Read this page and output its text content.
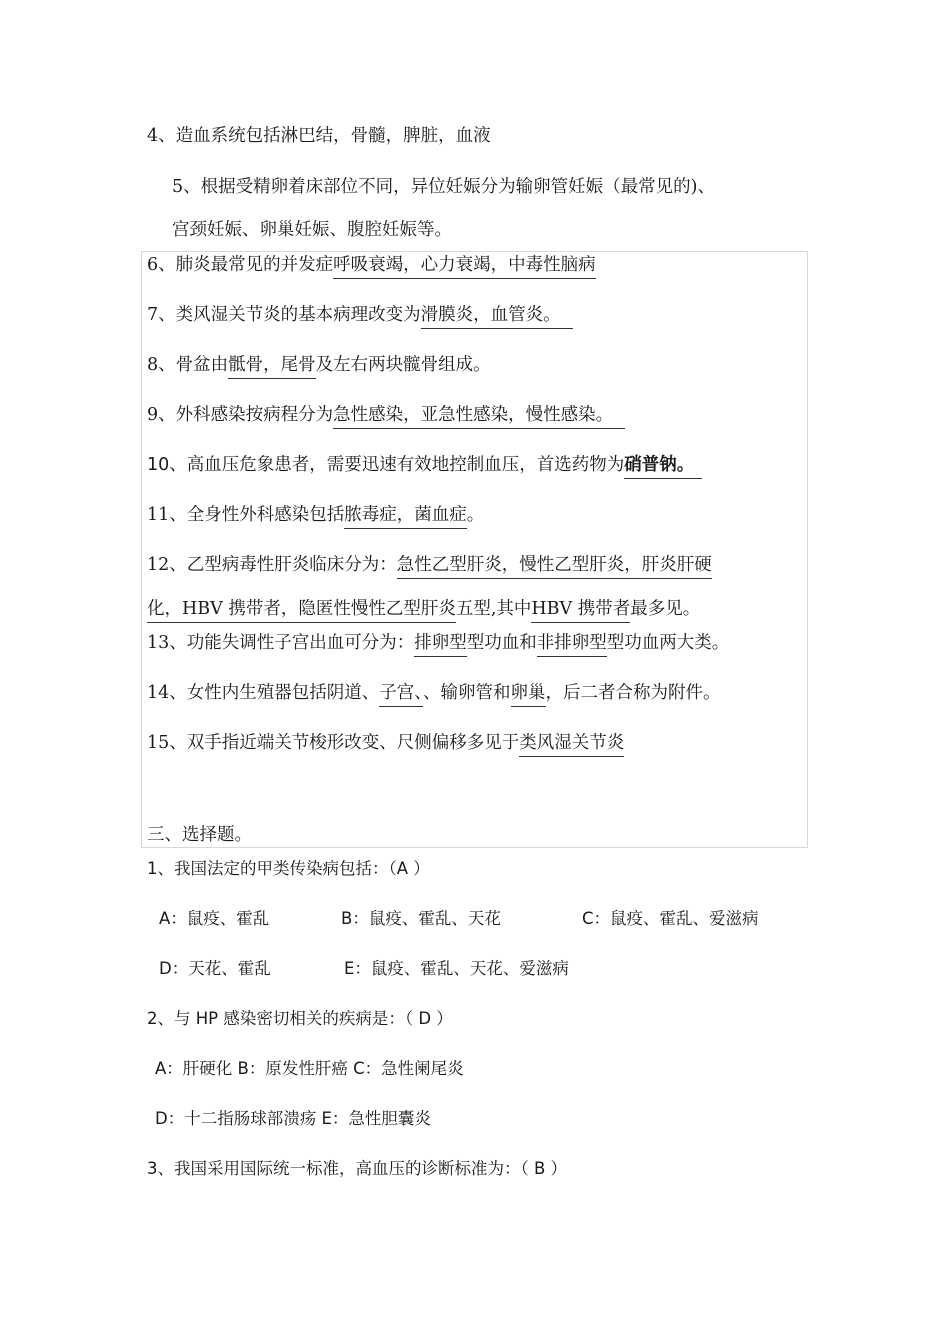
4、造血系统包括淋巴结，骨髓，脾脏，血液
5、根据受精卵着床部位不同，异位妊娠分为输卵管妊娠（最常见的)、
宫颈妊娠、卵巢妊娠、腹腔妊娠等。
6、肺炎最常见的并发症呼吸衰竭，心力衰竭，中毒性脑病
7、类风湿关节炎的基本病理改变为滑膜炎，血管炎。
8、骨盆由骶骨，尾骨及左右两块髋骨组成。
9、外科感染按病程分为急性感染，亚急性感染，慢性感染。
10、高血压危象患者，需要迅速有效地控制血压，首选药物为硝普钠。
11、全身性外科感染包括脓毒症，菌血症。
12、乙型病毒性肝炎临床分为：急性乙型肝炎，慢性乙型肝炎，肝炎肝硬
化，HBV 携带者，隐匿性慢性乙型肝炎五型,其中HBV 携带者最多见。
13、功能失调性子宫出血可分为：排卵型型功血和非排卵型型功血两大类。
14、女性内生殖器包括阴道、子宫、、输卵管和卵巢，后二者合称为附件。
15、双手指近端关节梭形改变、尺侧偏移多见于类风湿关节炎
三、选择题。
1、我国法定的甲类传染病包括：（A ）
A：鼠疫、霍乱	B：鼠疫、霍乱、天花	C：鼠疫、霍乱、爱滋病
D：天花、霍乱	E：鼠疫、霍乱、天花、爱滋病
2、与 HP 感染密切相关的疾病是：（ D ）
A：肝硬化 B：原发性肝癌 C：急性阑尾炎
D：十二指肠球部溃疡 E：急性胆囊炎
3、我国采用国际统一标准，高血压的诊断标准为：（ B ）
